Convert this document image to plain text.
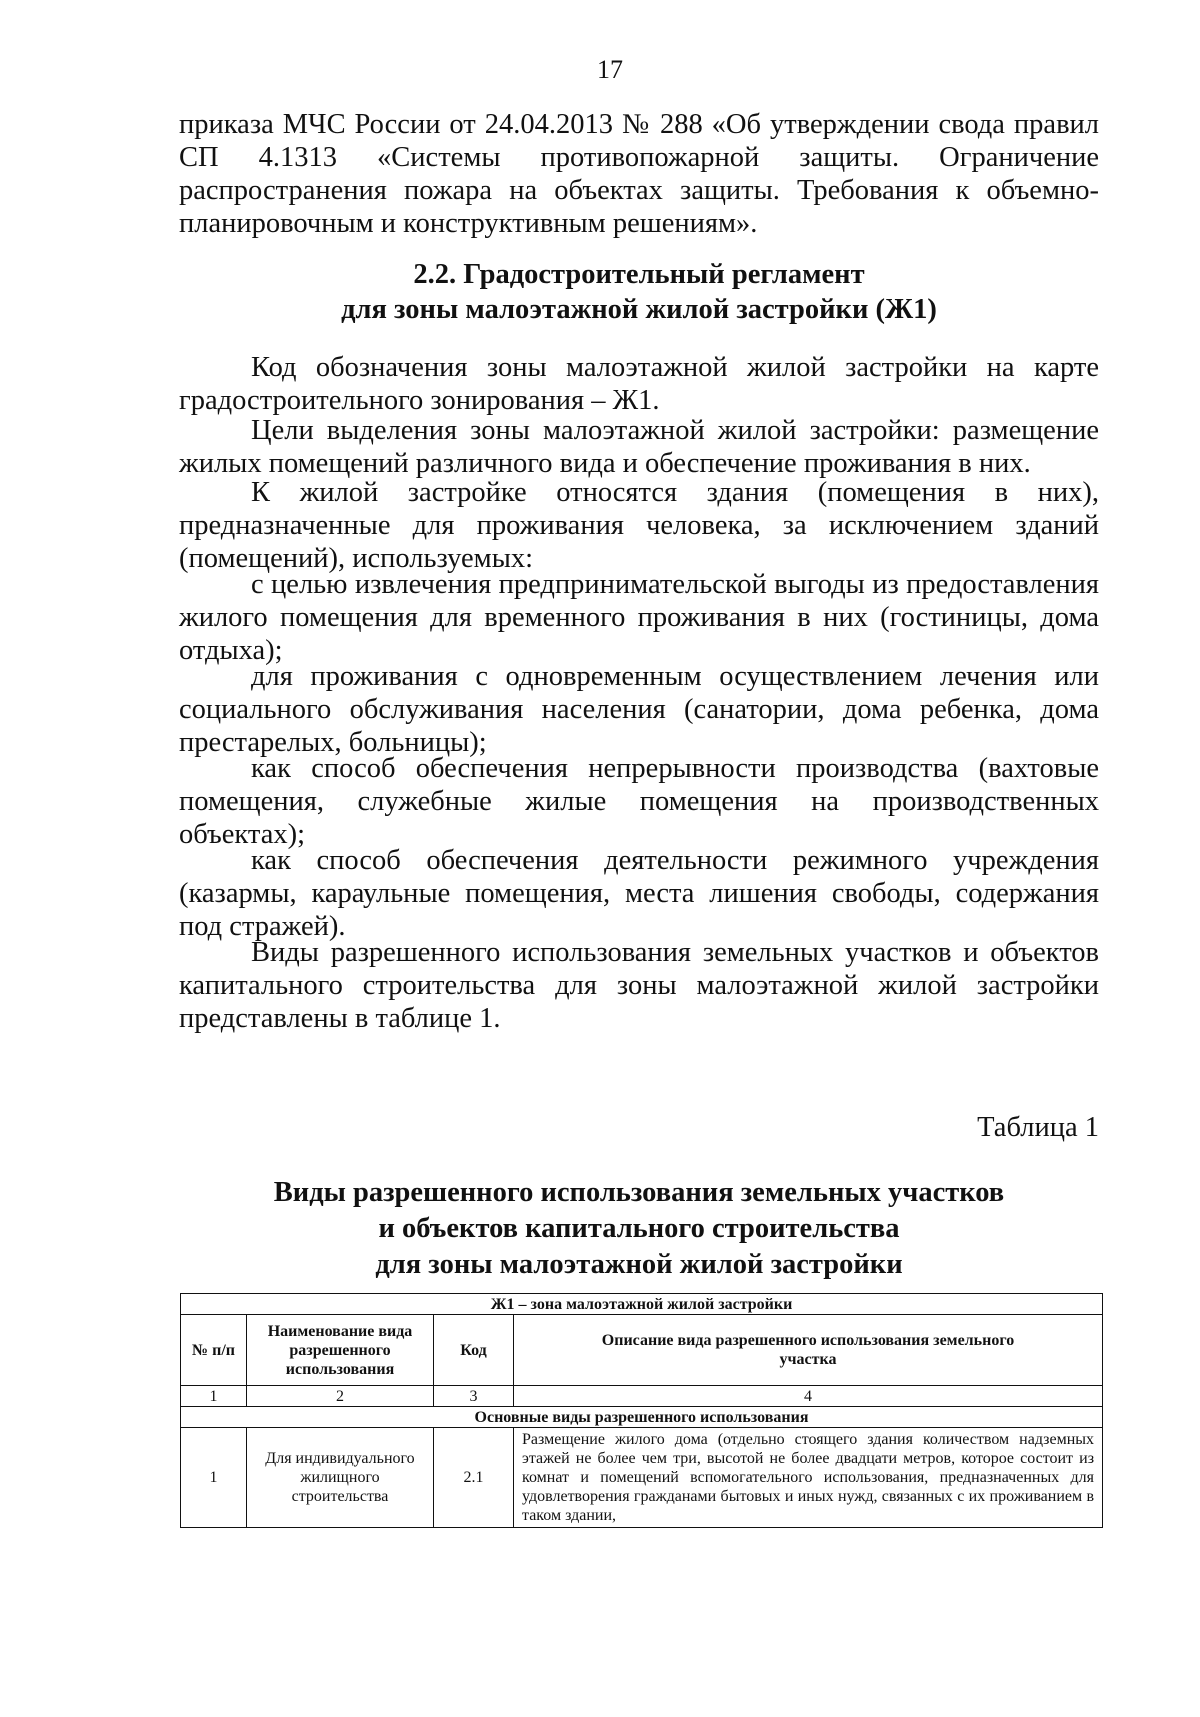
17

приказа МЧС России от 24.04.2013 № 288 «Об утверждении свода правил СП 4.1313 «Системы противопожарной защиты. Ограничение распространения пожара на объектах защиты. Требования к объемно-планировочным и конструктивным решениям».

2.2. Градостроительный регламент
для зоны малоэтажной жилой застройки (Ж1)

Код обозначения зоны малоэтажной жилой застройки на карте градостроительного зонирования – Ж1.

Цели выделения зоны малоэтажной жилой застройки: размещение жилых помещений различного вида и обеспечение проживания в них.

К жилой застройке относятся здания (помещения в них), предназначенные для проживания человека, за исключением зданий (помещений), используемых:

с целью извлечения предпринимательской выгоды из предоставления жилого помещения для временного проживания в них (гостиницы, дома отдыха);

для проживания с одновременным осуществлением лечения или социального обслуживания населения (санатории, дома ребенка, дома престарелых, больницы);

как способ обеспечения непрерывности производства (вахтовые помещения, служебные жилые помещения на производственных объектах);

как способ обеспечения деятельности режимного учреждения (казармы, караульные помещения, места лишения свободы, содержания под стражей).

Виды разрешенного использования земельных участков и объектов капитального строительства для зоны малоэтажной жилой застройки представлены в таблице 1.

Таблица 1
Виды разрешенного использования земельных участков
и объектов капитального строительства
для зоны малоэтажной жилой застройки
Ж1 – зона малоэтажной жилой застройки			
№ п/п	Наименование вида разрешенного использования	Код	Описание вида разрешенного использования земельного участка
1	2	3	4
Основные виды разрешенного использования			
1	Для индивидуального жилищного строительства	2.1	Размещение жилого дома (отдельно стоящего здания количеством надземных этажей не более чем три, высотой не более двадцати метров, которое состоит из комнат и помещений вспомогательного использования, предназначенных для удовлетворения гражданами бытовых и иных нужд, связанных с их проживанием в таком здании,
